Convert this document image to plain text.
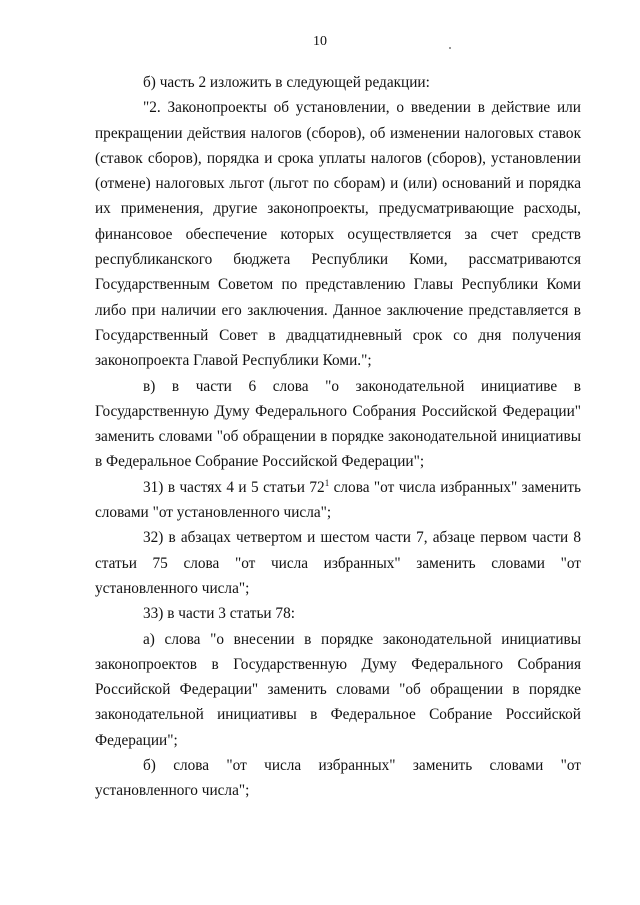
10

б) часть 2 изложить в следующей редакции:

"2. Законопроекты об установлении, о введении в действие или прекращении действия налогов (сборов), об изменении налоговых ставок (ставок сборов), порядка и срока уплаты налогов (сборов), установлении (отмене) налоговых льгот (льгот по сборам) и (или) оснований и порядка их применения, другие законопроекты, предусматривающие расходы, финансовое обеспечение которых осуществляется за счет средств республиканского бюджета Республики Коми, рассматриваются Государственным Советом по представлению Главы Республики Коми либо при наличии его заключения. Данное заключение представляется в Государственный Совет в двадцатидневный срок со дня получения законопроекта Главой Республики Коми.";

в) в части 6 слова "о законодательной инициативе в Государственную Думу Федерального Собрания Российской Федерации" заменить словами "об обращении в порядке законодательной инициативы в Федеральное Собрание Российской Федерации";

31) в частях 4 и 5 статьи $72^1$ слова "от числа избранных" заменить словами "от установленного числа";

32) в абзацах четвертом и шестом части 7, абзаце первом части 8 статьи 75 слова "от числа избранных" заменить словами "от установленного числа";

33) в части 3 статьи 78:

а) слова "о внесении в порядке законодательной инициативы законопроектов в Государственную Думу Федерального Собрания Российской Федерации" заменить словами "об обращении в порядке законодательной инициативы в Федеральное Собрание Российской Федерации";

б) слова "от числа избранных" заменить словами "от установленного числа";
